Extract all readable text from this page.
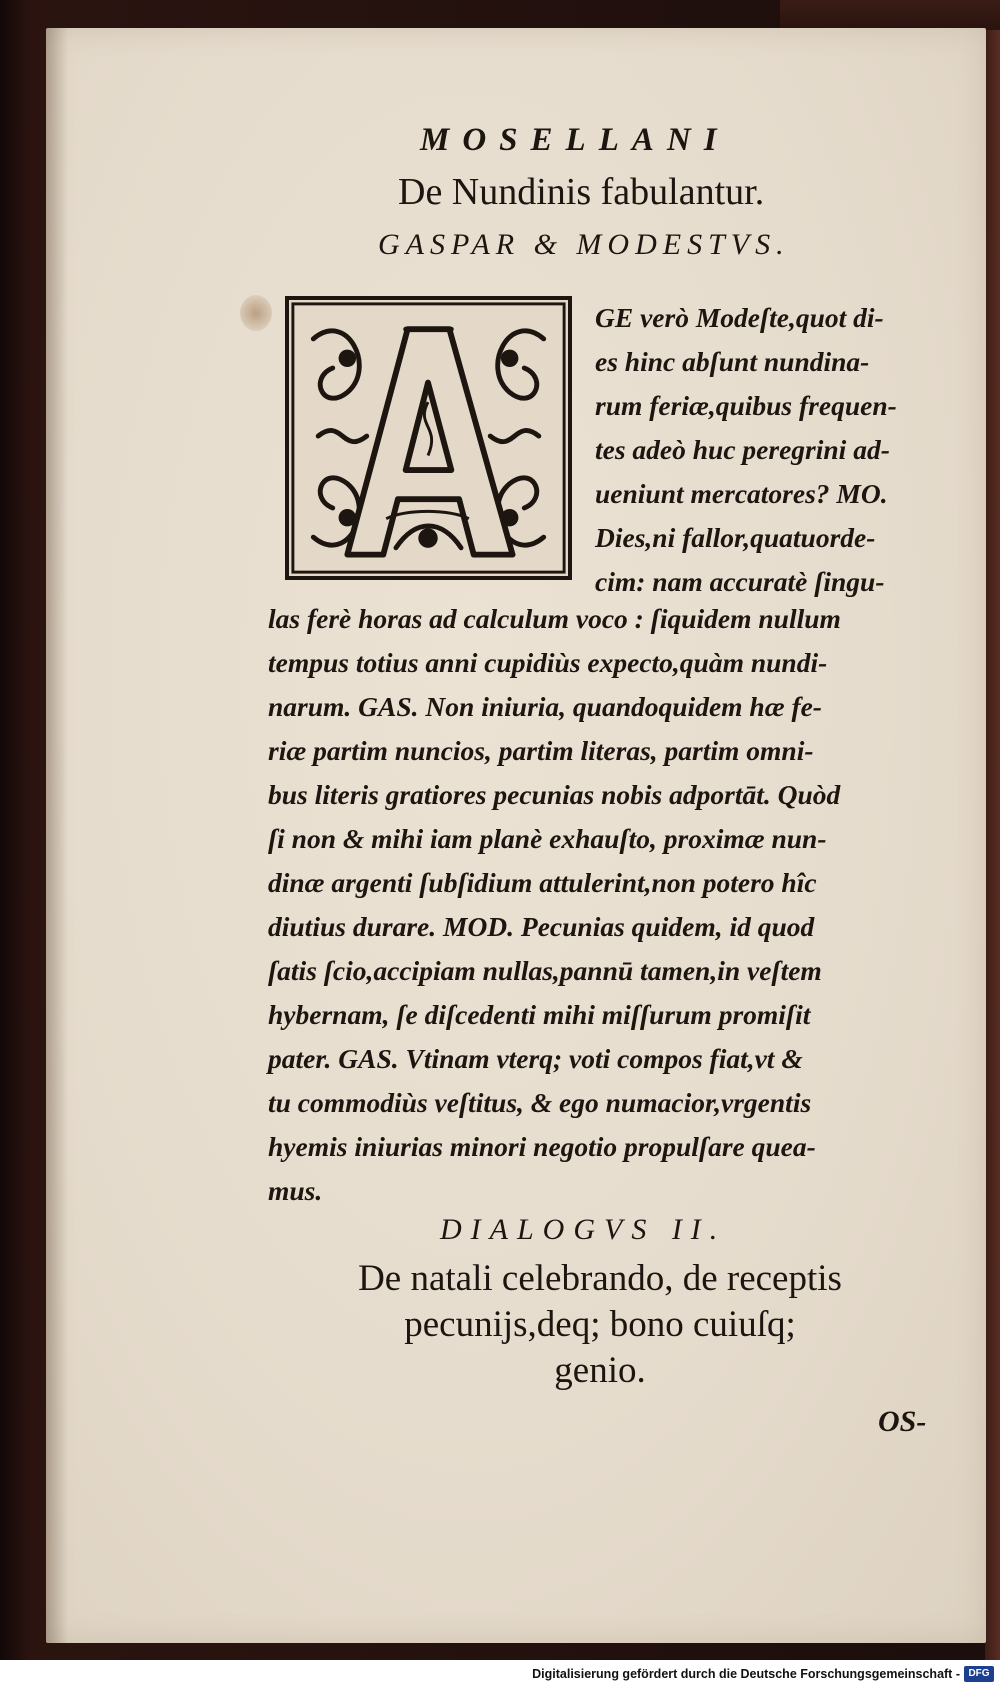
MOSELLANI
De Nundinis fabulantur.
GASPAR & MODESTVS.
GE verò Modeſte,quot di-
es hinc abſunt nundina-
rum feriæ,quibus frequen-
tes adeò huc peregrini ad-
ueniunt mercatores? MO.
Dies,ni fallor,quatuorde-
cim: nam accuratè ſingu-
las ferè horas ad calculum voco : ſiquidem nullum
tempus totius anni cupidiùs expecto,quàm nundi-
narum. GAS. Non iniuria, quandoquidem hæ fe-
riæ partim nuncios, partim literas, partim omni-
bus literis gratiores pecunias nobis adportāt. Quòd
ſi non & mihi iam planè exhauſto, proximæ nun-
dinæ argenti ſubſidium attulerint,non potero hîc
diutius durare. MOD. Pecunias quidem, id quod
ſatis ſcio,accipiam nullas,pannū tamen,in veſtem
hybernam, ſe diſcedenti mihi miſſurum promiſit
pater. GAS. Vtinam vterq; voti compos fiat,vt &
tu commodiùs veſtitus, & ego numacior,vrgentis
hyemis iniurias minori negotio propulſare quea-
mus.
DIALOGVS II.
De natali celebrando, de receptis
pecunijs,deq; bono cuiuſq;
genio.
OS-
Digitalisierung gefördert durch die Deutsche Forschungsgemeinschaft - DFG
